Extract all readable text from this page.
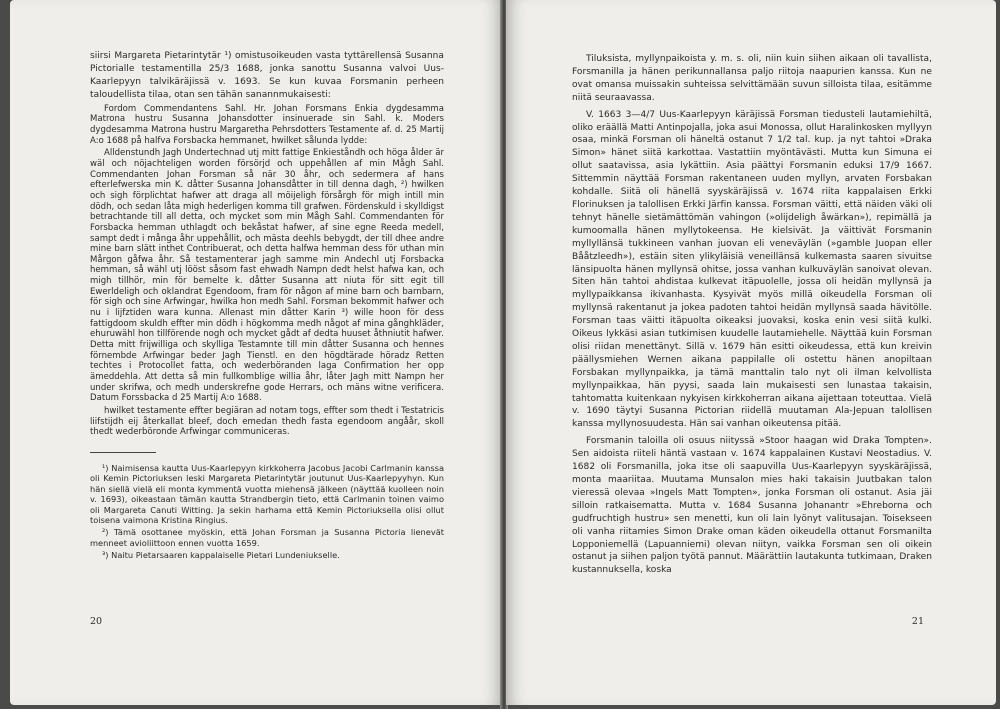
siirsi Margareta Pietarintytär ¹) omistusoikeuden vasta tyttärellensä Susanna Pictorialle testamentilla 25/3 1688, jonka sanottu Susanna valvoi Uus-Kaarlepyyn talvikäräjissä v. 1693. Se kun kuvaa Forsmanin perheen taloudellista tilaa, otan sen tähän sanannmukaisesti:

Fordom Commendantens Sahl. Hr. Johan Forsmans Enkia dygdesamma Matrona hustru Susanna Johansdotter insinuerade sin Sahl. k. Moders dygdesamma Matrona hustru Margaretha Pehrsdotters Testamente af. d. 25 Martij A:o 1688 på halfva Forsbacka hemmanet, hwilket sålunda lydde:

Alldenstundh Jagh Undertechnad utj mitt fattige Enkieståndh och höga ålder är wäl och nöjachteligen worden försörjd och uppehållen af min Mågh Sahl. Commendanten Johan Forsman så när 30 åhr, och sedermera af hans efterlefwerska min K. dåtter Susanna Johansdåtter in till denna dagh, ²) hwilken och sigh förplichtat hafwer att draga all möijeligh försårgh för migh intill min dödh, och sedan låta migh hederligen komma till grafwen. Fördenskuld i skylldigst betrachtande till all detta, och mycket som min Mågh Sahl. Commendanten för Forsbacka hemman uthlagdt och bekåstat hafwer, af sine egne Reeda medell, sampt dedt i många åhr uppehållit, och mästa deehls bebygdt, der till dhee andre mine barn slätt inthet Contribuerat, och detta halfwa hemman dess för uthan min Mårgon gåfwa åhr. Så testamenterar jagh samme min Andechl utj Forsbacka hemman, så wähl utj lööst såsom fast ehwadh Nampn dedt helst hafwa kan, och migh tillhör, min för bemelte k. dåtter Susanna att niuta för sitt egit till Ewerldeligh och oklandrat Egendoom, fram för någon af mine barn och barnbarn, för sigh och sine Arfwingar, hwilka hon medh Sahl. Forsman bekommit hafwer och nu i lijfztiden wara kunna. Allenast min dåtter Karin ³) wille hoon för dess fattigdoom skuldh effter min dödh i högkomma medh något af mina gånghkläder, ehuruwähl hon tillförende nogh och mycket gådt af dedta huuset åthniutit hafwer. Detta mitt frijwilliga och skylliga Testamnte till min dåtter Susanna och hennes förnembde Arfwingar beder Jagh Tienstl. en den högdtärade höradz Retten techtes i Protocollet fatta, och wederböranden laga Confirmation her opp ämeddehla. Att detta så min fullkomblige willia åhr, låter Jagh mitt Nampn her under skrifwa, och medh underskrefne gode Herrars, och mäns witne verificera. Datum Forssbacka d 25 Martij A:o 1688.

hwilket testamente effter begiäran ad notam togs, effter som thedt i Testatricis liifstijdh eij återkallat bleef, doch emedan thedh fasta egendoom angåår, skoll thedt wederböronde Arfwingar communiceras.

¹) Naimisensa kautta Uus-Kaarlepyyn kirkkoherra Jacobus Jacobi Carlmanin kanssa oli Kemin Pictoriuksen leski Margareta Pietarintytär joutunut Uus-Kaarlepyyhyn. Kun hän siellä vielä eli monta kymmentä vuotta miehensä jälkeen (näyttää kuolleen noin v. 1693), oikeastaan tämän kautta Strandbergin tieto, että Carlmanin toinen vaimo oli Margareta Canuti Witting. Ja sekin harhama että Kemin Pictoriuksella olisi ollut toisena vaimona Kristina Ringius.

²) Tämä osottanee myöskin, että Johan Forsman ja Susanna Pictoria lienevät menneet avioliittoon ennen vuotta 1659.

³) Naitu Pietarsaaren kappalaiselle Pietari Lundeniukselle.

20

Tiluksista, myllynpaikoista y. m. s. oli, niin kuin siihen aikaan oli tavallista, Forsmanilla ja hänen perikunnallansa paljo riitoja naapurien kanssa. Kun ne ovat omansa muissakin suhteissa selvittämään suvun silloista tilaa, esitämme niitä seuraavassa.

V. 1663 3—4/7 Uus-Kaarlepyyn käräjissä Forsman tiedusteli lautamiehiltä, oliko eräällä Matti Antinpojalla, joka asui Monossa, ollut Haralinkosken myllyyn osaa, minkä Forsman oli häneltä ostanut 7 1/2 tal. kup. ja nyt tahtoi »Draka Simon» hänet siitä karkottaa. Vastattiin myöntävästi. Mutta kun Simuna ei ollut saatavissa, asia lykättiin. Asia päättyi Forsmanin eduksi 17/9 1667. Sittemmin näyttää Forsman rakentaneen uuden myllyn, arvaten Forsbakan kohdalle. Siitä oli hänellä syyskäräjissä v. 1674 riita kappalaisen Erkki Florinuksen ja talollisen Erkki Järfin kanssa. Forsman väitti, että näiden väki oli tehnyt hänelle sietämättömän vahingon (»olijdeligh åwärkan»), repimällä ja kumoomalla hänen myllytokeensa. He kielsivät. Ja väittivät Forsmanin myllyllänsä tukkineen vanhan juovan eli veneväylän (»gamble Juopan eller Bååtzleedh»), estäin siten ylikyläisiä veneillänsä kulkemasta saaren sivuitse länsipuolta hänen myllynsä ohitse, jossa vanhan kulkuväylän sanoivat olevan. Siten hän tahtoi ahdistaa kulkevat itäpuolelle, jossa oli heidän myllynsä ja myllypaikkansa ikivanhasta. Kysyivät myös millä oikeudella Forsman oli myllynsä rakentanut ja jokea padoten tahtoi heidän myllynsä saada hävitölle. Forsman taas väitti itäpuolta oikeaksi juovaksi, koska enin vesi siitä kulki. Oikeus lykkäsi asian tutkimisen kuudelle lautamiehelle. Näyttää kuin Forsman olisi riidan menettänyt. Sillä v. 1679 hän esitti oikeudessa, että kun kreivin päällysmiehen Wernen aikana pappilalle oli ostettu hänen anopiltaan Forsbakan myllynpaikka, ja tämä manttalin talo nyt oli ilman kelvollista myllynpaikkaa, hän pyysi, saada lain mukaisesti sen lunastaa takaisin, tahtomatta kuitenkaan nykyisen kirkkoherran aikana aijettaan toteuttaa. Vielä v. 1690 täytyi Susanna Pictorian riidellä muutaman Ala-Jepuan talollisen kanssa myllynosuudesta. Hän sai vanhan oikeutensa pitää.

Forsmanin taloilla oli osuus niityssä »Stoor haagan wid Draka Tompten». Sen aidoista riiteli häntä vastaan v. 1674 kappalainen Kustavi Neostadius. V. 1682 oli Forsmanilla, joka itse oli saapuvilla Uus-Kaarlepyyn syyskäräjissä, monta maariitaa. Muutama Munsalon mies haki takaisin Juutbakan talon vieressä olevaa »Ingels Matt Tompten», jonka Forsman oli ostanut. Asia jäi silloin ratkaisematta. Mutta v. 1684 Susanna Johanantr »Ehreborna och gudfruchtigh hustru» sen menetti, kun oli lain lyönyt valitusajan. Toisekseen oli vanha riitamies Simon Drake oman käden oikeudella ottanut Forsmanilta Lopponiemellä (Lapuanniemi) olevan niityn, vaikka Forsman sen oli oikein ostanut ja siihen paljon työtä pannut. Määrättiin lautakunta tutkimaan, Draken kustannuksella, koska

21
